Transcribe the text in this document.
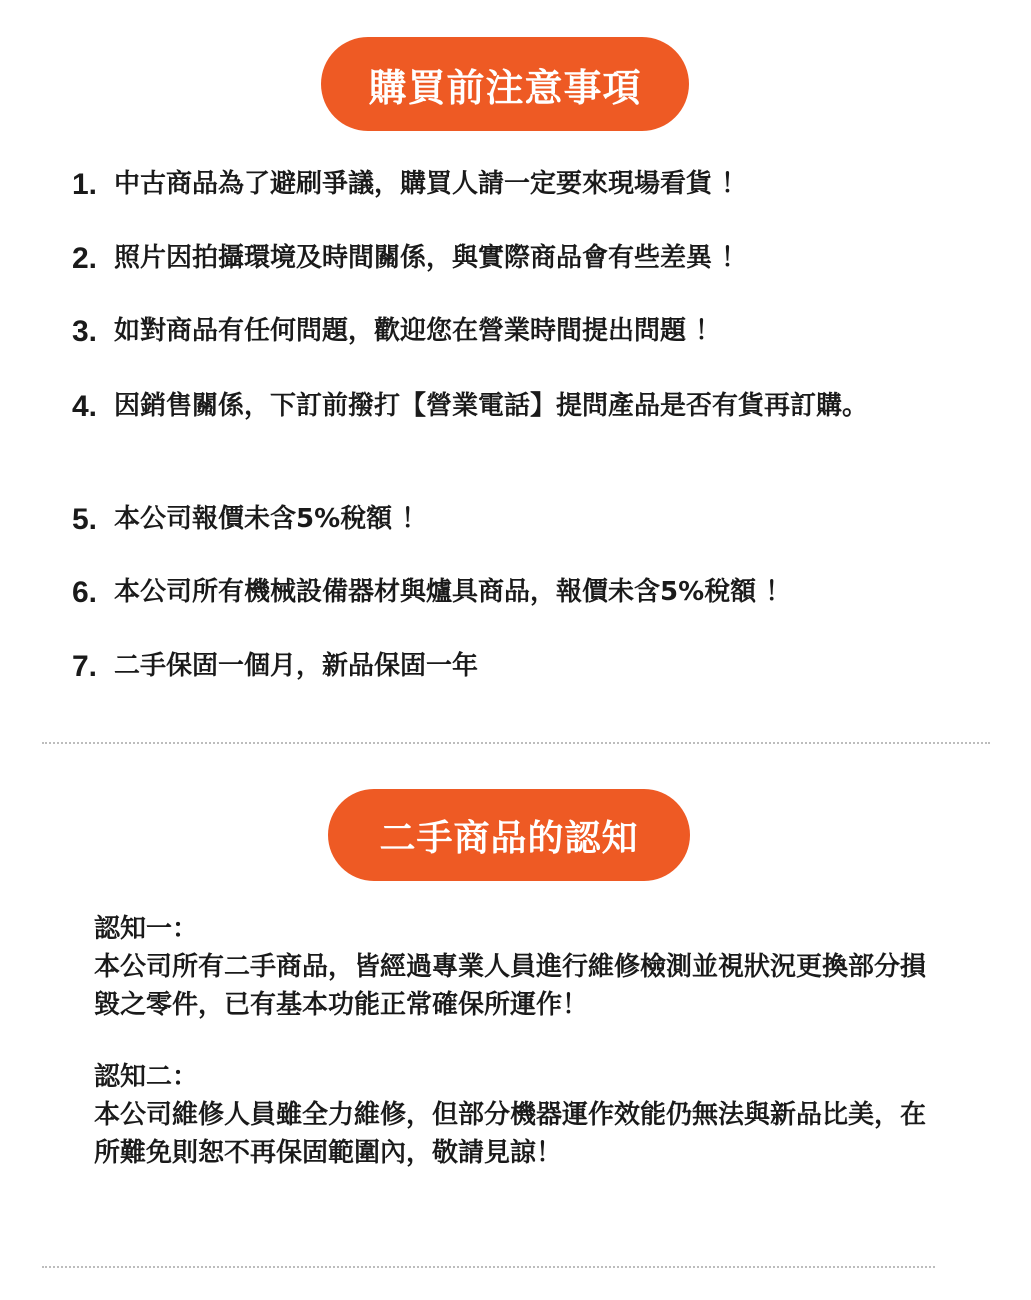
購買前注意事項
1. 中古商品為了避刷爭議，購買人請一定要來現場看貨 ！
2. 照片因拍攝環境及時間關係，與實際商品會有些差異 ！
3. 如對商品有任何問題，歡迎您在營業時間提出問題 ！
4. 因銷售關係，下訂前撥打【營業電話】提問產品是否有貨再訂購。
5. 本公司報價未含5%稅額 ！
6. 本公司所有機械設備器材與爐具商品，報價未含5%稅額 ！
7. 二手保固一個月，新品保固一年
二手商品的認知
認知一：
本公司所有二手商品，皆經過專業人員進行維修檢測並視狀況更換部分損毀之零件，已有基本功能正常確保所運作！
認知二：
本公司維修人員雖全力維修，但部分機器運作效能仍無法與新品比美，在所難免則恕不再保固範圍內，敬請見諒！
